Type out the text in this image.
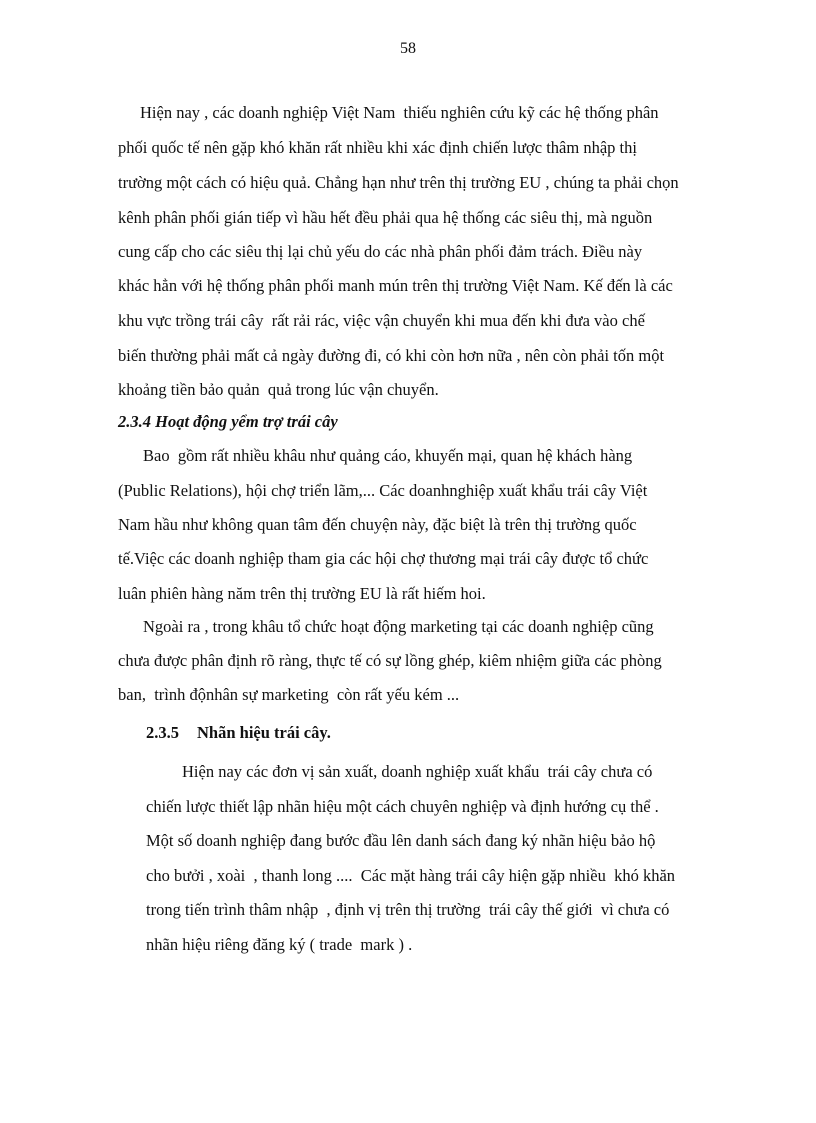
58
Hiện nay , các doanh nghiệp Việt Nam  thiếu nghiên cứu kỹ các hệ thống phân
phối quốc tế nên gặp khó khăn rất nhiều khi xác định chiến lược thâm nhập thị
trường một cách có hiệu quả. Chẳng hạn như trên thị trường EU , chúng ta phải chọn
kênh phân phối gián tiếp vì hầu hết đều phải qua hệ thống các siêu thị, mà nguồn
cung cấp cho các siêu thị lại chủ yếu do các nhà phân phối đảm trách. Điều này
khác hẳn với hệ thống phân phối manh mún trên thị trường Việt Nam. Kế đến là các
khu vực trồng trái cây  rất rải rác, việc vận chuyển khi mua đến khi đưa vào chế
biến thường phải mất cả ngày đường đi, có khi còn hơn nữa , nên còn phải tốn một
khoảng tiền bảo quản  quả trong lúc vận chuyển.
2.3.4 Hoạt động yểm trợ trái cây
Bao  gồm rất nhiều khâu như quảng cáo, khuyến mại, quan hệ khách hàng
(Public Relations), hội chợ triển lãm,... Các doanhnghiệp xuất khẩu trái cây Việt
Nam hầu như không quan tâm đến chuyện này, đặc biệt là trên thị trường quốc
tế.Việc các doanh nghiệp tham gia các hội chợ thương mại trái cây được tổ chức
luân phiên hàng năm trên thị trường EU là rất hiếm hoi.
Ngoài ra , trong khâu tổ chức hoạt động marketing tại các doanh nghiệp cũng
chưa được phân định rõ ràng, thực tế có sự lồng ghép, kiêm nhiệm giữa các phòng
ban,  trình độnhân sự marketing  còn rất yếu kém ...
2.3.5 Nhãn hiệu trái cây.
Hiện nay các đơn vị sản xuất, doanh nghiệp xuất khẩu  trái cây chưa có
chiến lược thiết lập nhãn hiệu một cách chuyên nghiệp và định hướng cụ thể .
Một số doanh nghiệp đang bước đầu lên danh sách đang ký nhãn hiệu bảo hộ
cho bưởi , xoài  , thanh long ....  Các mặt hàng trái cây hiện gặp nhiều  khó khăn
trong tiến trình thâm nhập  , định vị trên thị trường  trái cây thế giới  vì chưa có
nhãn hiệu riêng đăng ký ( trade  mark ) .
